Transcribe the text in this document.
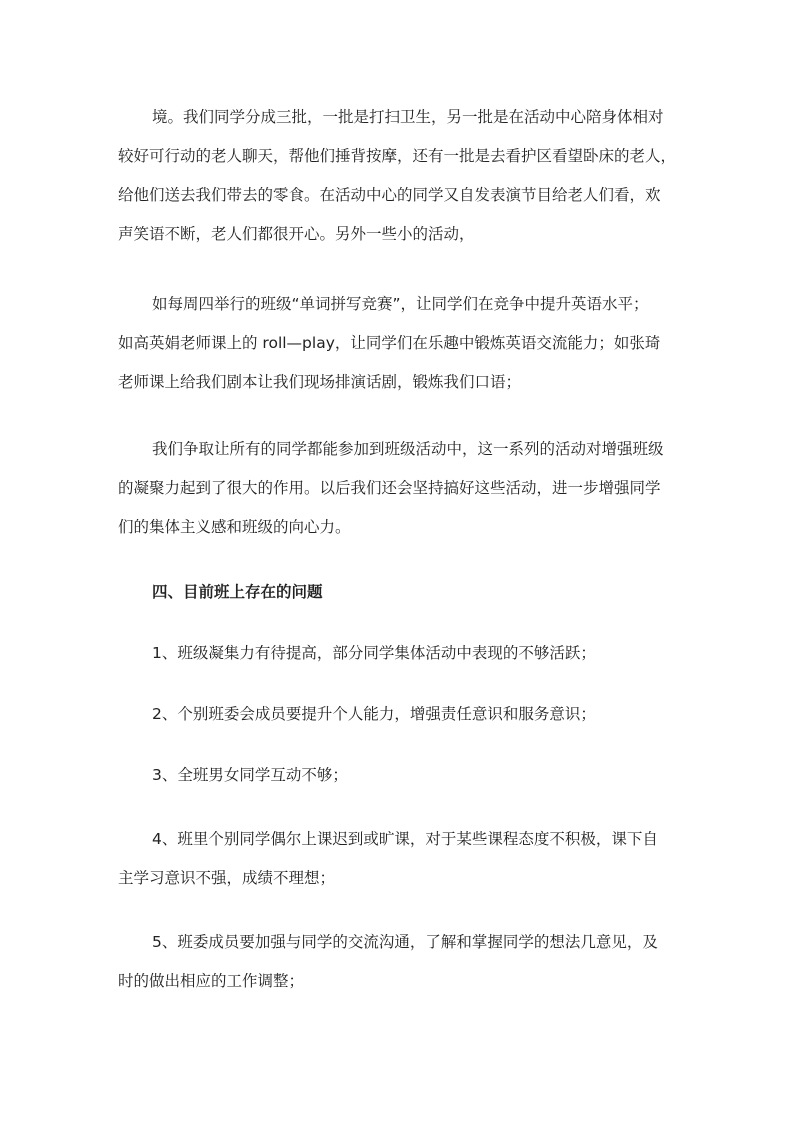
境。我们同学分成三批，一批是打扫卫生，另一批是在活动中心陪身体相对
较好可行动的老人聊天，帮他们捶背按摩，还有一批是去看护区看望卧床的老人，
给他们送去我们带去的零食。在活动中心的同学又自发表演节目给老人们看，欢
声笑语不断，老人们都很开心。另外一些小的活动，

如每周四举行的班级“单词拼写竞赛”，让同学们在竞争中提升英语水平；
如高英娟老师课上的 roll—play，让同学们在乐趣中锻炼英语交流能力；如张琦
老师课上给我们剧本让我们现场排演话剧，锻炼我们口语；

我们争取让所有的同学都能参加到班级活动中，这一系列的活动对增强班级
的凝聚力起到了很大的作用。以后我们还会坚持搞好这些活动，进一步增强同学
们的集体主义感和班级的向心力。

四、目前班上存在的问题

1、班级凝集力有待提高，部分同学集体活动中表现的不够活跃；

2、个别班委会成员要提升个人能力，增强责任意识和服务意识；

3、全班男女同学互动不够；

4、班里个别同学偶尔上课迟到或旷课，对于某些课程态度不积极，课下自
主学习意识不强，成绩不理想；

5、班委成员要加强与同学的交流沟通，了解和掌握同学的想法几意见，及
时的做出相应的工作调整；
